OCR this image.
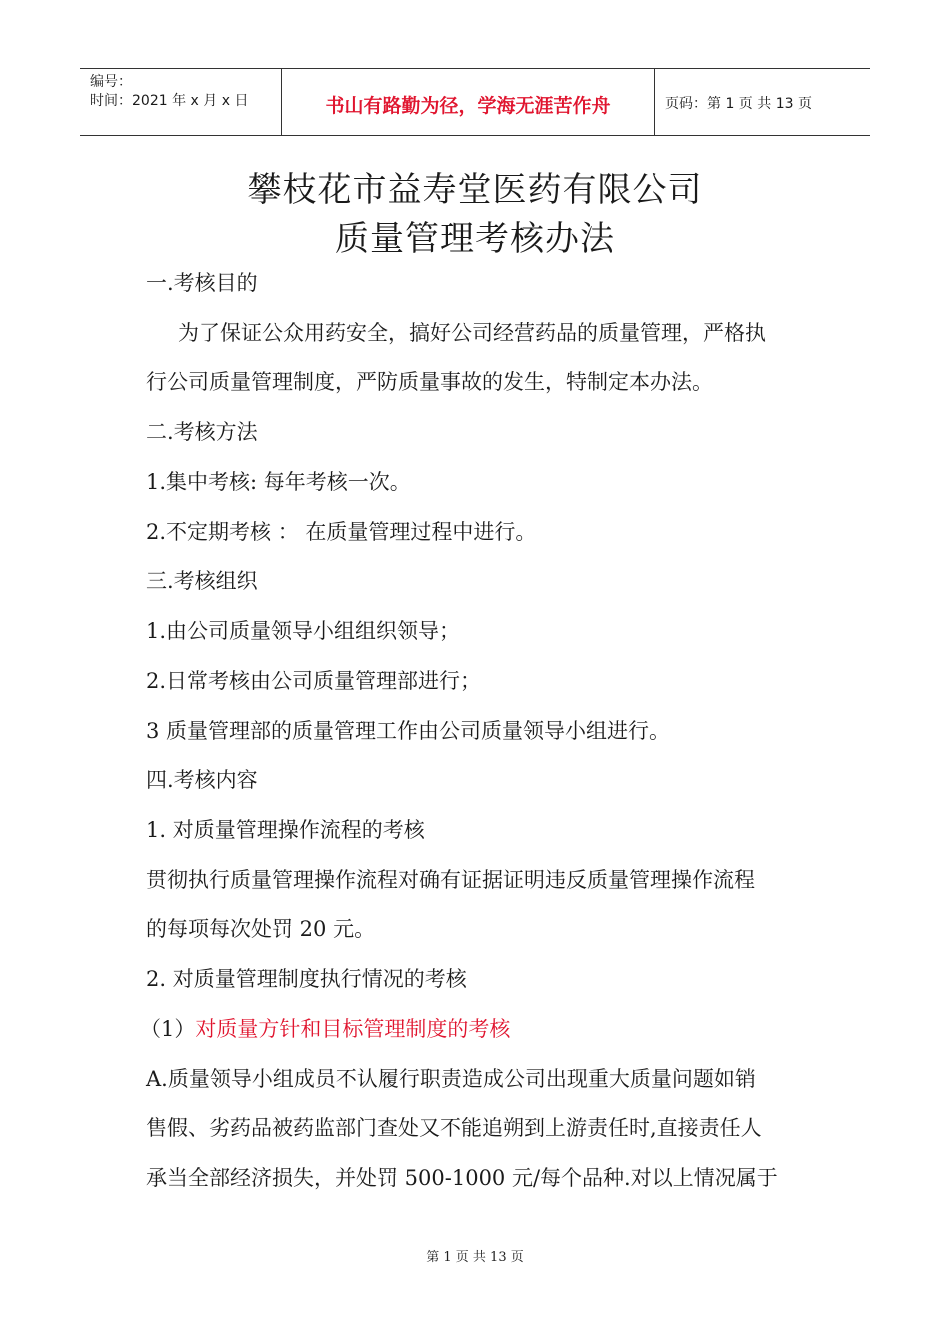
编号：
时间：2021 年 x 月 x 日	书山有路勤为径，学海无涯苦作舟	页码：第 1 页 共 13 页
攀枝花市益寿堂医药有限公司
质量管理考核办法
一.考核目的
为了保证公众用药安全，搞好公司经营药品的质量管理，严格执
行公司质量管理制度，严防质量事故的发生，特制定本办法。
二.考核方法
1.集中考核: 每年考核一次。
2.不定期考核 ： 在质量管理过程中进行。
三.考核组织
1.由公司质量领导小组组织领导；
2.日常考核由公司质量管理部进行；
3 质量管理部的质量管理工作由公司质量领导小组进行。
四.考核内容
1. 对质量管理操作流程的考核
贯彻执行质量管理操作流程对确有证据证明违反质量管理操作流程
的每项每次处罚 20 元。
2. 对质量管理制度执行情况的考核
（1）对质量方针和目标管理制度的考核
A.质量领导小组成员不认履行职责造成公司出现重大质量问题如销
售假、劣药品被药监部门查处又不能追朔到上游责任时,直接责任人
承当全部经济损失，并处罚 500-1000 元/每个品种.对以上情况属于
第 1 页 共 13 页
